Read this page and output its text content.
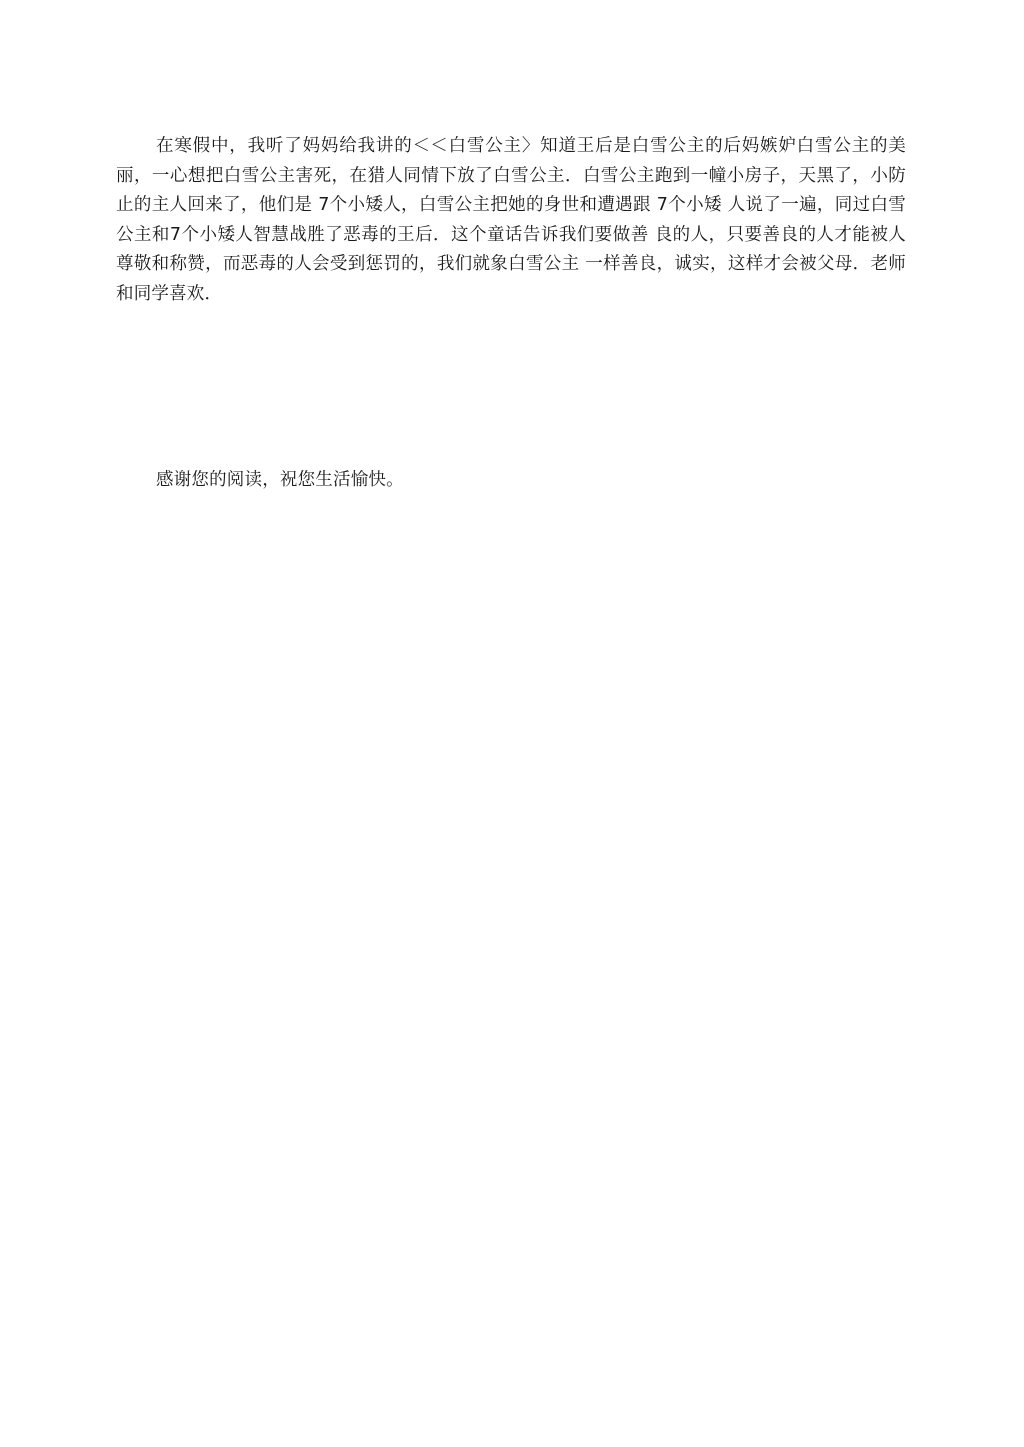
在寒假中，我听了妈妈给我讲的＜＜白雪公主〉知道王后是白雪公主的后妈嫉妒白雪公主的美丽，一心想把白雪公主害死，在猎人同情下放了白雪公主．白雪公主跑到一幢小房子，天黑了，小防止的主人回来了，他们是 7个小矮人，白雪公主把她的身世和遭遇跟 7个小矮 人说了一遍，同过白雪公主和7个小矮人智慧战胜了恶毒的王后．这个童话告诉我们要做善 良的人，只要善良的人才能被人尊敬和称赞，而恶毒的人会受到惩罚的，我们就象白雪公主 一样善良，诚实，这样才会被父母．老师和同学喜欢．

感谢您的阅读，祝您生活愉快。
